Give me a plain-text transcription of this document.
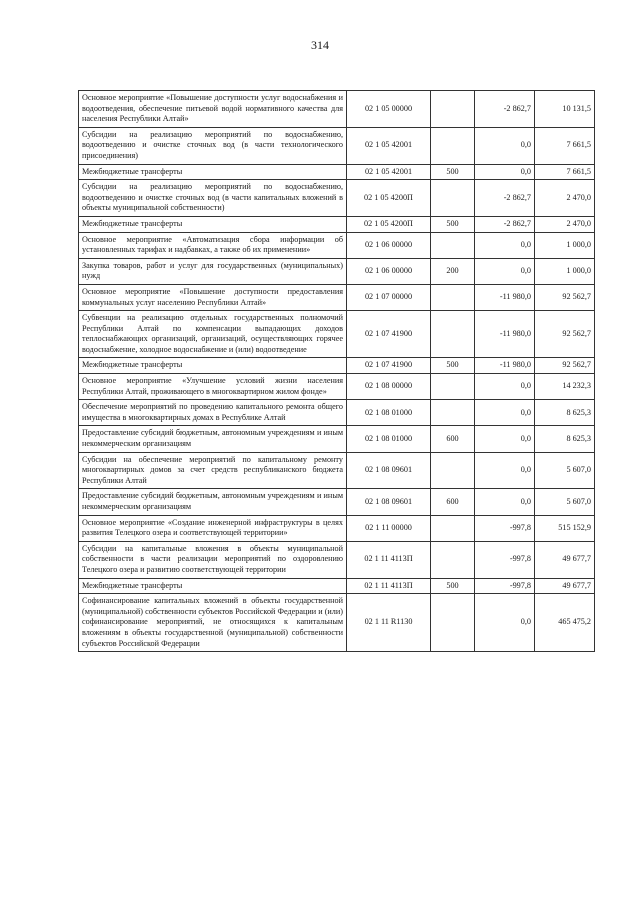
314
Основное мероприятие «Повышение доступности услуг водоснабжения и водоотведения, обеспечение питьевой водой нормативного качества для населения Республики Алтай»	02 1 05 00000		-2 862,7	10 131,5
Субсидии на реализацию мероприятий по водоснабжению, водоотведению и очистке сточных вод (в части технологического присоединения)	02 1 05 42001		0,0	7 661,5
Межбюджетные трансферты	02 1 05 42001	500	0,0	7 661,5
Субсидии на реализацию мероприятий по водоснабжению, водоотведению и очистке сточных вод (в части капитальных вложений в объекты муниципальной собственности)	02 1 05 4200П		-2 862,7	2 470,0
Межбюджетные трансферты	02 1 05 4200П	500	-2 862,7	2 470,0
Основное мероприятие «Автоматизация сбора информации об установленных тарифах и надбавках, а также об их применении»	02 1 06 00000		0,0	1 000,0
Закупка товаров, работ и услуг для государственных (муниципальных) нужд	02 1 06 00000	200	0,0	1 000,0
Основное мероприятие «Повышение доступности предоставления коммунальных услуг населению Республики Алтай»	02 1 07 00000		-11 980,0	92 562,7
Субвенции на реализацию отдельных государственных полномочий Республики Алтай по компенсации выпадающих доходов теплоснабжающих организаций, организаций, осуществляющих горячее водоснабжение, холодное водоснабжение и (или) водоотведение	02 1 07 41900		-11 980,0	92 562,7
Межбюджетные трансферты	02 1 07 41900	500	-11 980,0	92 562,7
Основное мероприятие «Улучшение условий жизни населения Республики Алтай, проживающего в многоквартирном жилом фонде»	02 1 08 00000		0,0	14 232,3
Обеспечение мероприятий по проведению капитального ремонта общего имущества в многоквартирных домах в Республике Алтай	02 1 08 01000		0,0	8 625,3
Предоставление субсидий бюджетным, автономным учреждениям и иным некоммерческим организациям	02 1 08 01000	600	0,0	8 625,3
Субсидии на обеспечение мероприятий по капитальному ремонту многоквартирных домов за счет средств республиканского бюджета Республики Алтай	02 1 08 09601		0,0	5 607,0
Предоставление субсидий бюджетным, автономным учреждениям и иным некоммерческим организациям	02 1 08 09601	600	0,0	5 607,0
Основное мероприятие «Создание инженерной инфраструктуры в целях развития Телецкого озера и соответствующей территории»	02 1 11 00000		-997,8	515 152,9
Субсидии на капитальные вложения в объекты муниципальной собственности в части реализации мероприятий по оздоровлению Телецкого озера и развитию соответствующей территории	02 1 11 4113П		-997,8	49 677,7
Межбюджетные трансферты	02 1 11 4113П	500	-997,8	49 677,7
Софинансирование капитальных вложений в объекты государственной (муниципальной) собственности субъектов Российской Федерации и (или) софинансирование мероприятий, не относящихся к капитальным вложениям в объекты государственной (муниципальной) собственности субъектов Российской Федерации	02 1 11 R1130		0,0	465 475,2
